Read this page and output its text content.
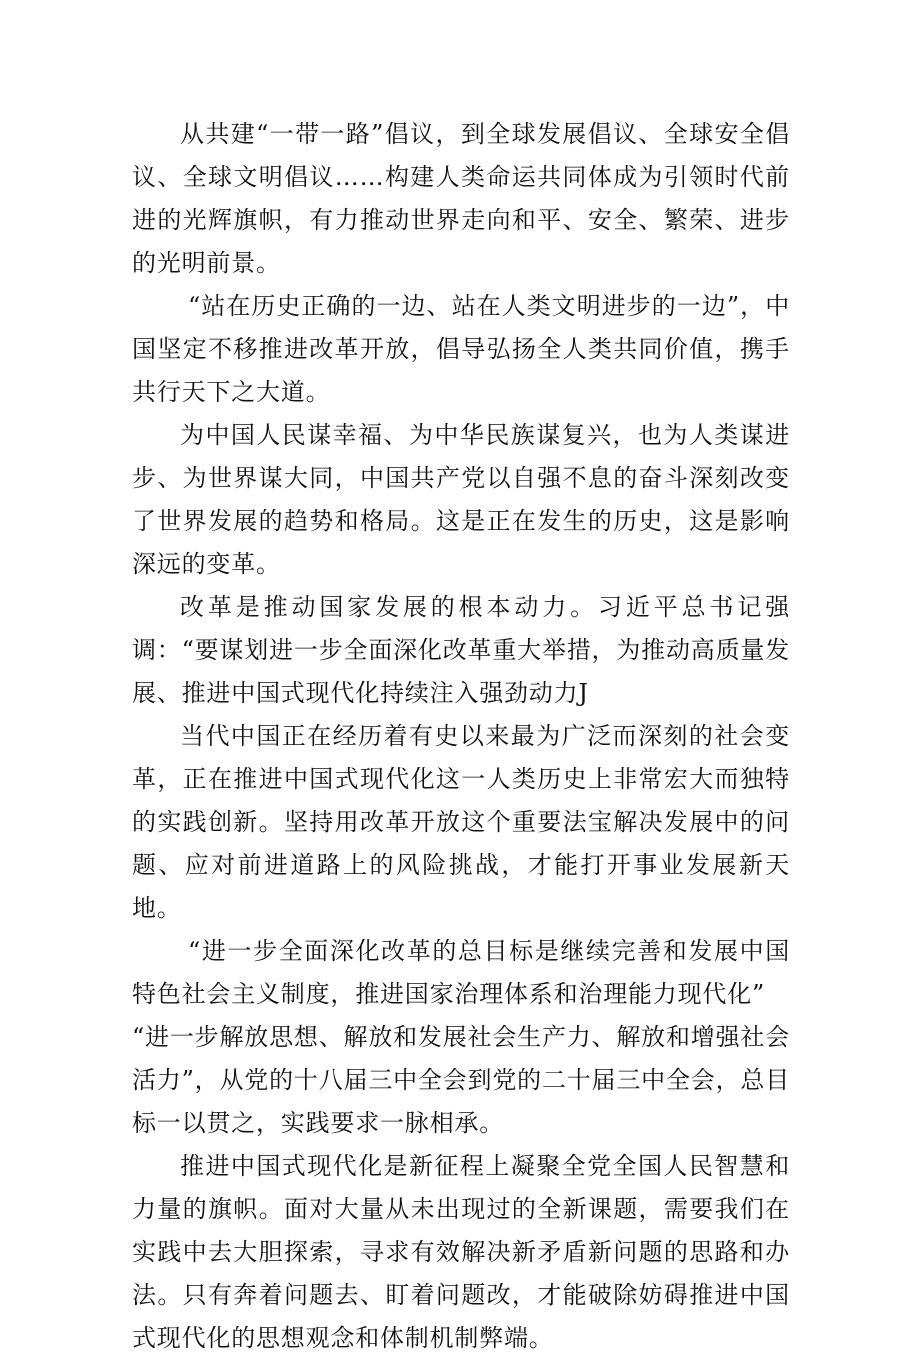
从共建“一带一路”倡议，到全球发展倡议、全球安全倡议、全球文明倡议……构建人类命运共同体成为引领时代前进的光辉旗帜，有力推动世界走向和平、安全、繁荣、进步的光明前景。

“站在历史正确的一边、站在人类文明进步的一边”，中国坚定不移推进改革开放，倡导弘扬全人类共同价值，携手共行天下之大道。

为中国人民谋幸福、为中华民族谋复兴，也为人类谋进步、为世界谋大同，中国共产党以自强不息的奋斗深刻改变了世界发展的趋势和格局。这是正在发生的历史，这是影响深远的变革。

改革是推动国家发展的根本动力。习近平总书记强调：“要谋划进一步全面深化改革重大举措，为推动高质量发展、推进中国式现代化持续注入强劲动力J

当代中国正在经历着有史以来最为广泛而深刻的社会变革，正在推进中国式现代化这一人类历史上非常宏大而独特的实践创新。坚持用改革开放这个重要法宝解决发展中的问题、应对前进道路上的风险挑战，才能打开事业发展新天地。

“进一步全面深化改革的总目标是继续完善和发展中国特色社会主义制度，推进国家治理体系和治理能力现代化”

“进一步解放思想、解放和发展社会生产力、解放和增强社会活力”，从党的十八届三中全会到党的二十届三中全会，总目标一以贯之，实践要求一脉相承。

推进中国式现代化是新征程上凝聚全党全国人民智慧和力量的旗帜。面对大量从未出现过的全新课题，需要我们在实践中去大胆探索，寻求有效解决新矛盾新问题的思路和办法。只有奔着问题去、盯着问题改，才能破除妨碍推进中国式现代化的思想观念和体制机制弊端。
